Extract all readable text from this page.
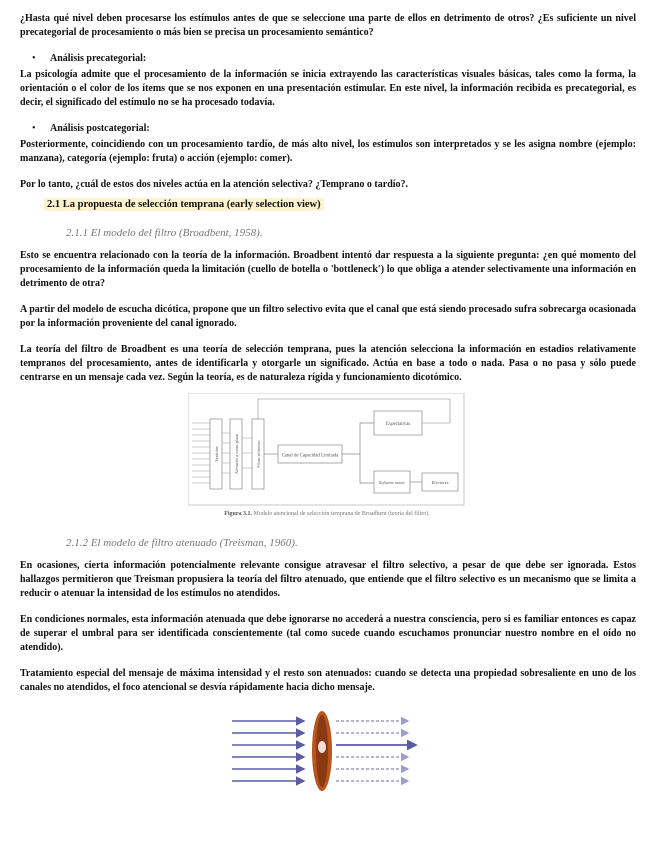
¿Hasta qué nivel deben procesarse los estímulos antes de que se seleccione una parte de ellos en detrimento de otros? ¿Es suficiente un nivel precategorial de procesamiento o más bien se precisa un procesamiento semántico?

•	Análisis precategorial:

La psicología admite que el procesamiento de la información se inicia extrayendo las características visuales básicas, tales como la forma, la orientación o el color de los ítems que se nos exponen en una presentación estimular. En este nivel, la información recibida es precategorial, es decir, el significado del estímulo no se ha procesado todavía.

•	Análisis postcategorial:

Posteriormente, coincidiendo con un procesamiento tardío, de más alto nivel, los estímulos son interpretados y se les asigna nombre (ejemplo: manzana), categoría (ejemplo: fruta) o acción (ejemplo: comer).

Por lo tanto, ¿cuál de estos dos niveles actúa en la atención selectiva? ¿Temprano o tardío?.

2.1 La propuesta de selección temprana (early selection view)
2.1.1 El modelo del filtro (Broadbent, 1958).

Esto se encuentra relacionado con la teoría de la información. Broadbent intentó dar respuesta a la siguiente pregunta: ¿en qué momento del procesamiento de la información queda la limitación (cuello de botella o 'bottleneck') lo que obliga a atender selectivamente una información en detrimento de otra?

A partir del modelo de escucha dicótica, propone que un filtro selectivo evita que el canal que está siendo procesado sufra sobrecarga ocasionada por la información proveniente del canal ignorado.

La teoría del filtro de Broadbent es una teoría de selección temprana, pues la atención selecciona la información en estadios relativamente tempranos del procesamiento, antes de identificarla y otorgarle un significado. Actúa en base a todo o nada. Pasa o no pasa y sólo puede centrarse en un mensaje cada vez. Según la teoría, es de naturaleza rígida y funcionamiento dicotómico.

Sentidos	Almacén a corto plazo	Filtro selectivo	Canal de Capacidad Limitada
Expectativas
Refuerzo motor	Efectores
Figura 3.1. Modelo atencional de selección temprana de Broadbent (teoría del filtro).
2.1.2 El modelo de filtro atenuado (Treisman, 1960).

En ocasiones, cierta información potencialmente relevante consigue atravesar el filtro selectivo, a pesar de que debe ser ignorada. Estos hallazgos permitieron que Treisman propusiera la teoría del filtro atenuado, que entiende que el filtro selectivo es un mecanismo que se limita a reducir o atenuar la intensidad de los estímulos no atendidos.

En condiciones normales, esta información atenuada que debe ignorarse no accederá a nuestra consciencia, pero si es familiar entonces es capaz de superar el umbral para ser identificada conscientemente (tal como sucede cuando escuchamos pronunciar nuestro nombre en el oído no atendido).

Tratamiento especial del mensaje de máxima intensidad y el resto son atenuados: cuando se detecta una propiedad sobresaliente en uno de los canales no atendidos, el foco atencional se desvía rápidamente hacia dicho mensaje.
